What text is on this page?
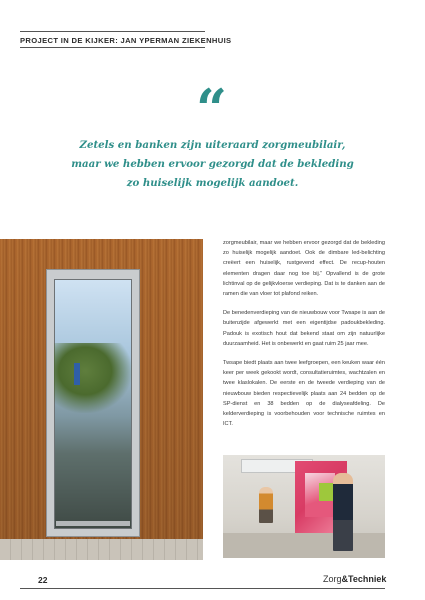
PROJECT IN DE KIJKER: JAN YPERMAN ZIEKENHUIS
“
Zetels en banken zijn uiteraard zorgmeubilair,
maar we hebben ervoor gezorgd dat de bekleding
zo huiselijk mogelijk aandoet.

zorgmeubilair, maar we hebben ervoor gezorgd dat de bekleding zo huiselijk mogelijk aandoet. Ook de dimbare led-belichting creëert een huiselijk, rustgevend effect. De recup-houten elementen dragen daar nog toe bij.” Opvallend is de grote lichtinval op de gelijkvloerse verdieping. Dat is te danken aan de ramen die van vloer tot plafond reiken.

De benedenverdieping van de nieuwbouw voor Twsape is aan de buitenzijde afgewerkt met een eigentijdse padoukbekleding. Padouk is exotisch hout dat bekend staat om zijn natuurlijke duurzaamheid. Het is onbewerkt en gaat ruim 25 jaar mee.

Twsape biedt plaats aan twee leefgroepen, een keuken waar één keer per week gekookt wordt, consultatieruimtes, wachtzalen en twee klaslokalen. De eerste en de tweede verdieping van de nieuwbouw bieden respectievelijk plaats aan 24 bedden op de SP-dienst en 38 bedden op de dialyseafdeling. De kelderverdieping is voorbehouden voor technische ruimtes en ICT.

22	Zorg&Techniek
